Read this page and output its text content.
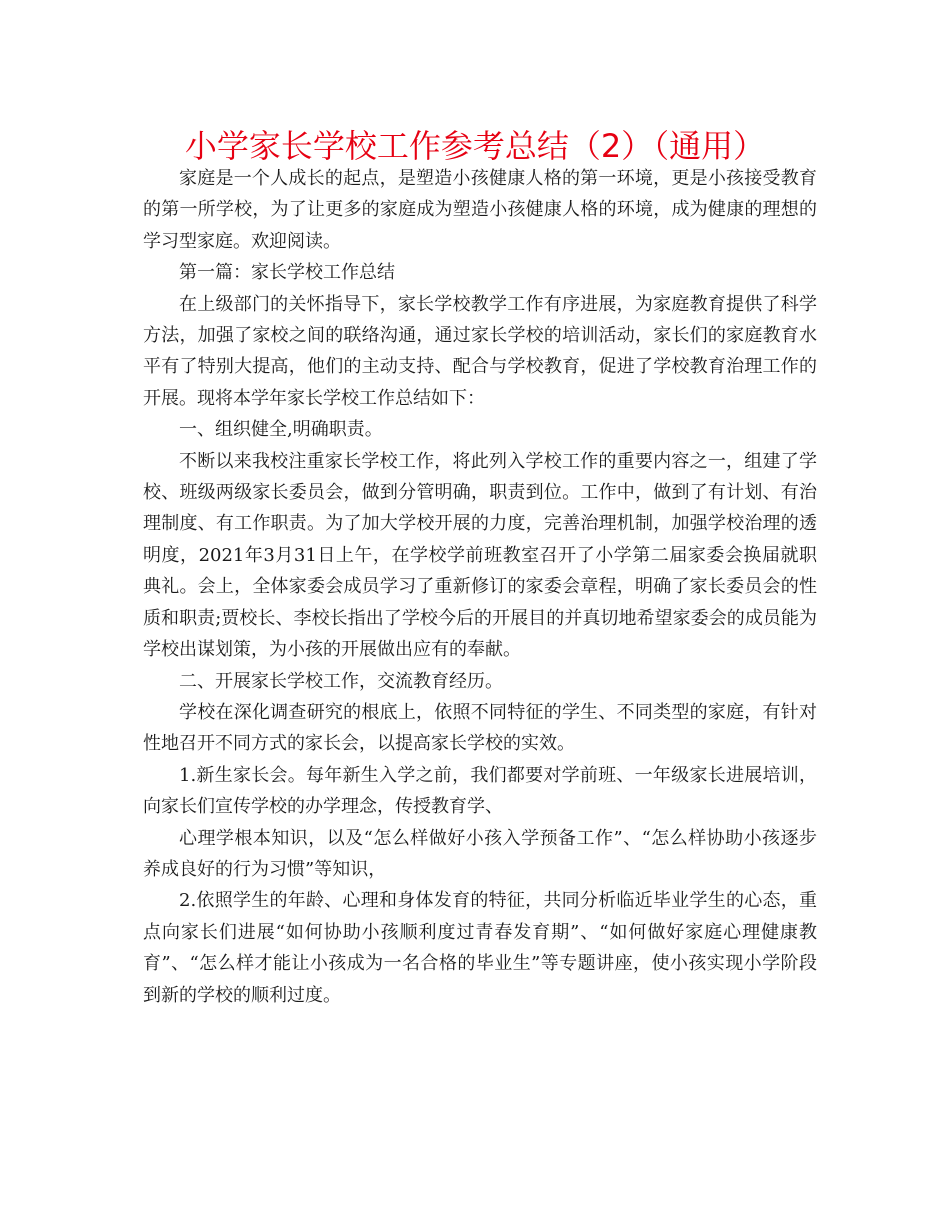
小学家长学校工作参考总结（2）（通用）

家庭是一个人成长的起点，是塑造小孩健康人格的第一环境，更是小孩接受教育的第一所学校，为了让更多的家庭成为塑造小孩健康人格的环境，成为健康的理想的学习型家庭。欢迎阅读。

第一篇：家长学校工作总结

在上级部门的关怀指导下，家长学校教学工作有序进展，为家庭教育提供了科学方法，加强了家校之间的联络沟通，通过家长学校的培训活动，家长们的家庭教育水平有了特别大提高，他们的主动支持、配合与学校教育，促进了学校教育治理工作的开展。现将本学年家长学校工作总结如下：

一、组织健全,明确职责。

不断以来我校注重家长学校工作，将此列入学校工作的重要内容之一，组建了学校、班级两级家长委员会，做到分管明确，职责到位。工作中，做到了有计划、有治理制度、有工作职责。为了加大学校开展的力度，完善治理机制，加强学校治理的透明度，2021年3月31日上午，在学校学前班教室召开了小学第二届家委会换届就职典礼。会上，全体家委会成员学习了重新修订的家委会章程，明确了家长委员会的性质和职责;贾校长、李校长指出了学校今后的开展目的并真切地希望家委会的成员能为学校出谋划策，为小孩的开展做出应有的奉献。

二、开展家长学校工作，交流教育经历。

学校在深化调查研究的根底上，依照不同特征的学生、不同类型的家庭，有针对性地召开不同方式的家长会，以提高家长学校的实效。

1.新生家长会。每年新生入学之前，我们都要对学前班、一年级家长进展培训，向家长们宣传学校的办学理念，传授教育学、

心理学根本知识，以及“怎么样做好小孩入学预备工作”、“怎么样协助小孩逐步养成良好的行为习惯”等知识，

2.依照学生的年龄、心理和身体发育的特征，共同分析临近毕业学生的心态，重点向家长们进展“如何协助小孩顺利度过青春发育期”、“如何做好家庭心理健康教育”、“怎么样才能让小孩成为一名合格的毕业生”等专题讲座，使小孩实现小学阶段到新的学校的顺利过度。
